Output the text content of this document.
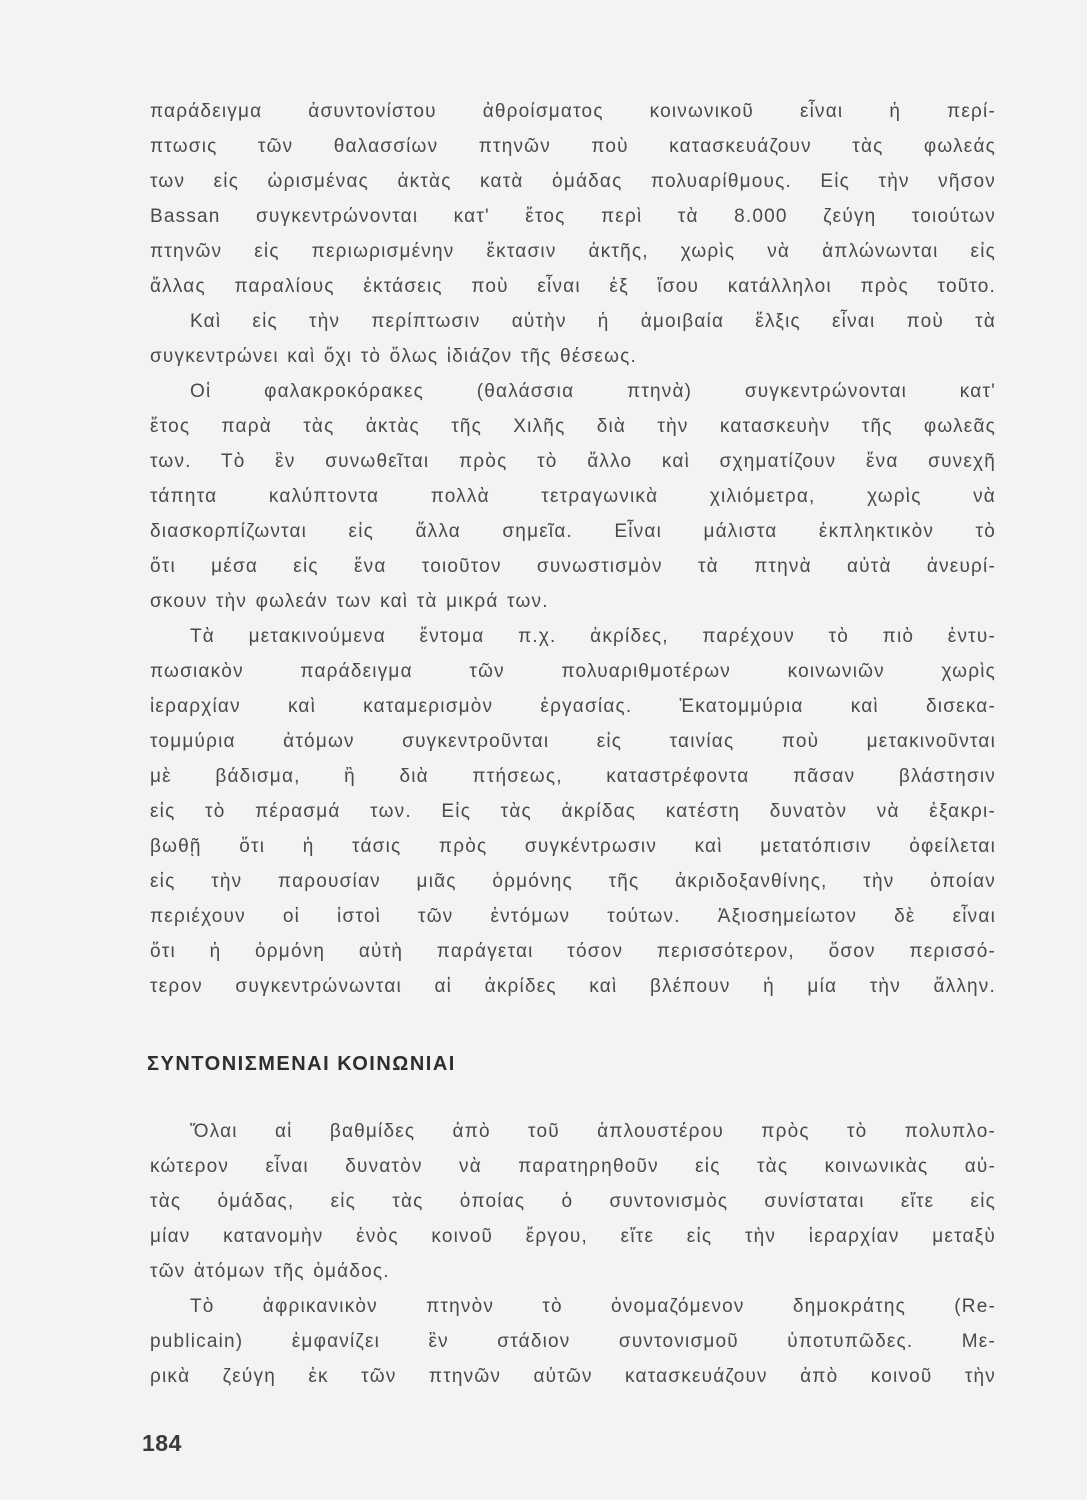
παράδειγμα ἀσυντονίστου ἀθροίσματος κοινωνικοῦ εἶναι ἡ περί-
πτωσις τῶν θαλασσίων πτηνῶν ποὺ κατασκευάζουν τὰς φωλεάς
των εἰς ὡρισμένας ἀκτὰς κατὰ ὁμάδας πολυαρίθμους. Εἰς τὴν νῆσον
Bassan συγκεντρώνονται κατ' ἔτος περὶ τὰ 8.000 ζεύγη τοιούτων
πτηνῶν εἰς περιωρισμένην ἔκτασιν ἀκτῆς, χωρὶς νὰ ἁπλώνωνται εἰς
ἄλλας παραλίους ἐκτάσεις ποὺ εἶναι ἐξ ἴσου κατάλληλοι πρὸς τοῦτο.
Καὶ εἰς τὴν περίπτωσιν αὐτὴν ἡ ἀμοιβαία ἕλξις εἶναι ποὺ τὰ
συγκεντρώνει καὶ ὄχι τὸ ὅλως ἰδιάζον τῆς θέσεως.
Οἱ φαλακροκόρακες (θαλάσσια πτηνὰ) συγκεντρώνονται κατ'
ἔτος παρὰ τὰς ἀκτὰς τῆς Χιλῆς διὰ τὴν κατασκευὴν τῆς φωλεᾶς
των. Τὸ ἓν συνωθεῖται πρὸς τὸ ἄλλο καὶ σχηματίζουν ἕνα συνεχῆ
τάπητα καλύπτοντα πολλὰ τετραγωνικὰ χιλιόμετρα, χωρὶς νὰ
διασκορπίζωνται εἰς ἄλλα σημεῖα. Εἶναι μάλιστα ἐκπληκτικὸν τὸ
ὅτι μέσα εἰς ἕνα τοιοῦτον συνωστισμὸν τὰ πτηνὰ αὐτὰ ἀνευρί-
σκουν τὴν φωλεάν των καὶ τὰ μικρά των.
Τὰ μετακινούμενα ἔντομα π.χ. ἀκρίδες, παρέχουν τὸ πιὸ ἐντυ-
πωσιακὸν παράδειγμα τῶν πολυαριθμοτέρων κοινωνιῶν χωρὶς
ἱεραρχίαν καὶ καταμερισμὸν ἐργασίας. Ἑκατομμύρια καὶ δισεκα-
τομμύρια ἀτόμων συγκεντροῦνται εἰς ταινίας ποὺ μετακινοῦνται
μὲ βάδισμα, ἢ διὰ πτήσεως, καταστρέφοντα πᾶσαν βλάστησιν
εἰς τὸ πέρασμά των. Εἰς τὰς ἀκρίδας κατέστη δυνατὸν νὰ ἐξακρι-
βωθῇ ὅτι ἡ τάσις πρὸς συγκέντρωσιν καὶ μετατόπισιν ὀφείλεται
εἰς τὴν παρουσίαν μιᾶς ὁρμόνης τῆς ἀκριδοξανθίνης, τὴν ὁποίαν
περιέχουν οἱ ἱστοὶ τῶν ἐντόμων τούτων. Ἀξιοσημείωτον δὲ εἶναι
ὅτι ἡ ὁρμόνη αὐτὴ παράγεται τόσον περισσότερον, ὅσον περισσό-
τερον συγκεντρώνωνται αἱ ἀκρίδες καὶ βλέπουν ἡ μία τὴν ἄλλην.
ΣΥΝΤΟΝΙΣΜΕΝΑΙ ΚΟΙΝΩΝΙΑΙ
Ὅλαι αἱ βαθμίδες ἀπὸ τοῦ ἁπλουστέρου πρὸς τὸ πολυπλο-
κώτερον εἶναι δυνατὸν νὰ παρατηρηθοῦν εἰς τὰς κοινωνικὰς αὐ-
τὰς ὁμάδας, εἰς τὰς ὁποίας ὁ συντονισμὸς συνίσταται εἴτε εἰς
μίαν κατανομὴν ἑνὸς κοινοῦ ἔργου, εἴτε εἰς τὴν ἱεραρχίαν μεταξὺ
τῶν ἀτόμων τῆς ὁμάδος.
Τὸ ἀφρικανικὸν πτηνὸν τὸ ὀνομαζόμενον δημοκράτης (Re-
publicain) ἐμφανίζει ἓν στάδιον συντονισμοῦ ὑποτυπῶδες. Με-
ρικὰ ζεύγη ἐκ τῶν πτηνῶν αὐτῶν κατασκευάζουν ἀπὸ κοινοῦ τὴν
184
